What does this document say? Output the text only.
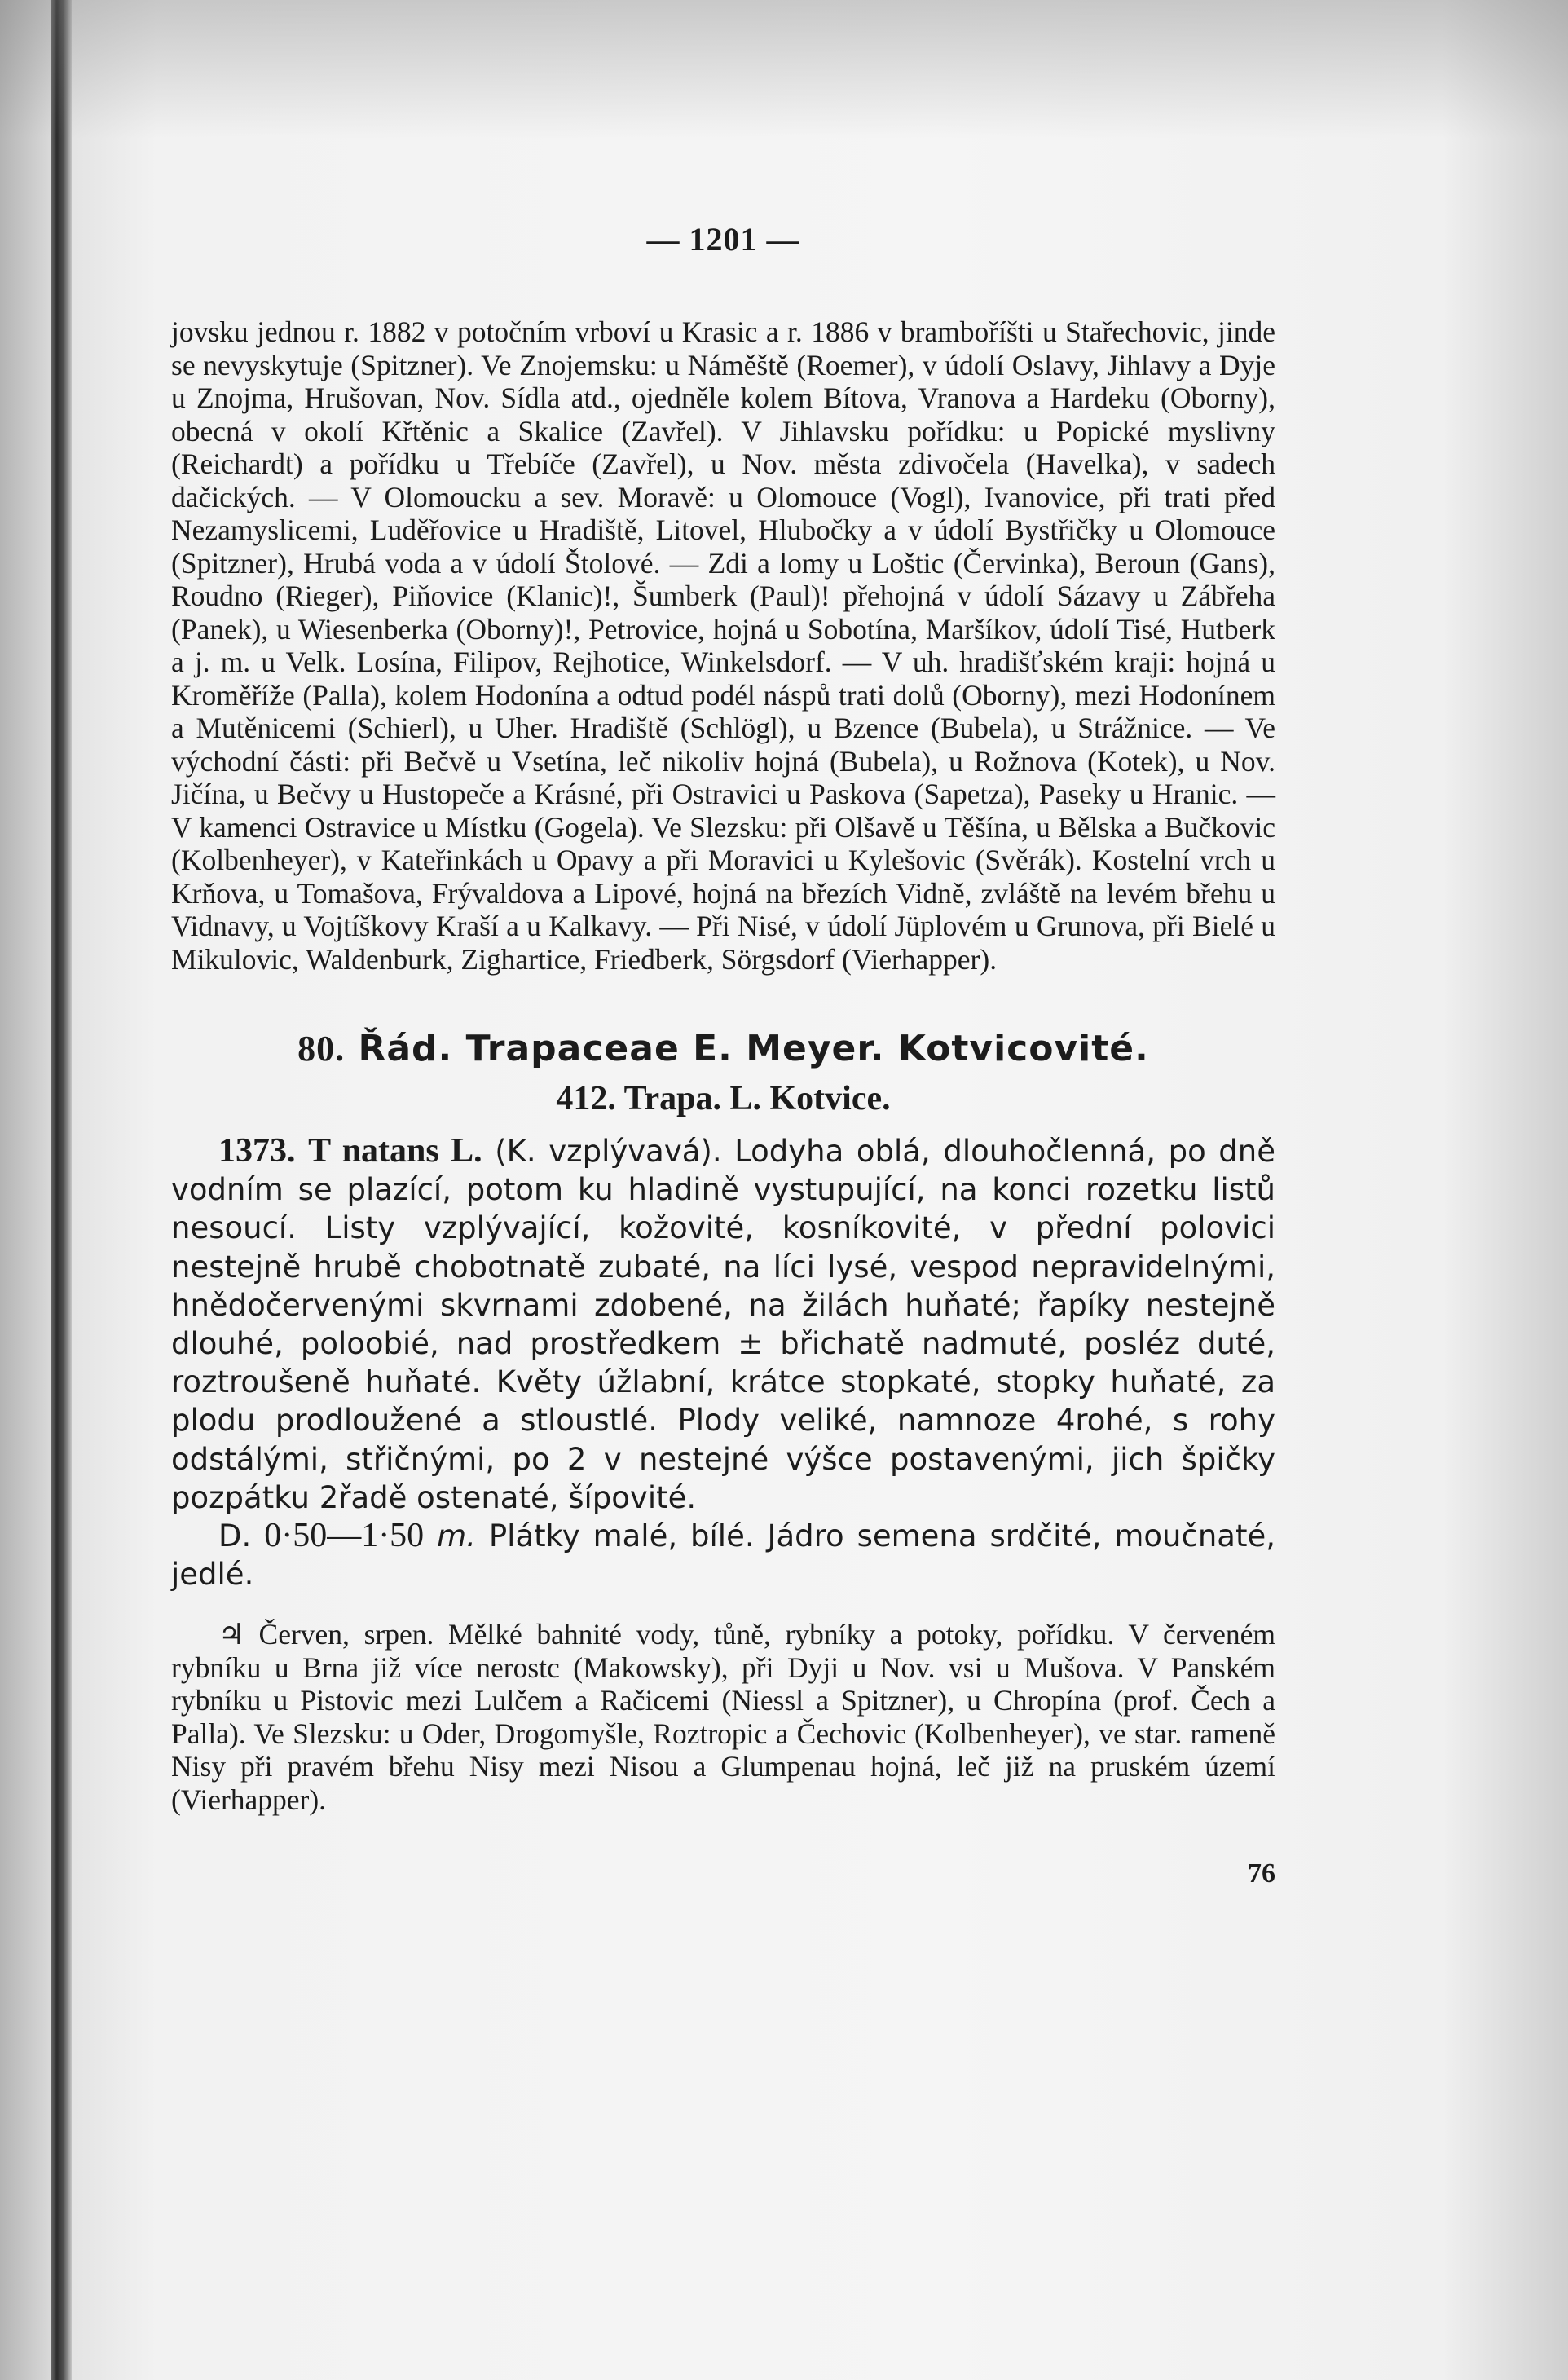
— 1201 —

jovsku jednou r. 1882 v potočním vrboví u Krasic a r. 1886 v bramboříšti u Stařechovic, jinde se nevyskytuje (Spitzner). Ve Znojemsku: u Náměště (Roemer), v údolí Oslavy, Jihlavy a Dyje u Znojma, Hrušovan, Nov. Sídla atd., ojedněle kolem Bítova, Vranova a Hardeku (Oborny), obecná v okolí Křtěnic a Skalice (Zavřel). V Jihlavsku pořídku: u Popické myslivny (Reichardt) a pořídku u Třebíče (Zavřel), u Nov. města zdivočela (Havelka), v sadech dačických. — V Olomoucku a sev. Moravě: u Olomouce (Vogl), Ivanovice, při trati před Nezamyslicemi, Luděřovice u Hradiště, Litovel, Hlubočky a v údolí Bystřičky u Olomouce (Spitzner), Hrubá voda a v údolí Štolové. — Zdi a lomy u Loštic (Červinka), Beroun (Gans), Roudno (Rieger), Piňovice (Klanic)!, Šumberk (Paul)! přehojná v údolí Sázavy u Zábřeha (Panek), u Wiesenberka (Oborny)!, Petrovice, hojná u Sobotína, Maršíkov, údolí Tisé, Hutberk a j. m. u Velk. Losína, Filipov, Rejhotice, Winkelsdorf. — V uh. hradišťském kraji: hojná u Kroměříže (Palla), kolem Hodonína a odtud podél náspů trati dolů (Oborny), mezi Hodonínem a Mutěnicemi (Schierl), u Uher. Hradiště (Schlögl), u Bzence (Bubela), u Strážnice. — Ve východní části: při Bečvě u Vsetína, leč nikoliv hojná (Bubela), u Rožnova (Kotek), u Nov. Jičína, u Bečvy u Hustopeče a Krásné, při Ostravici u Paskova (Sapetza), Paseky u Hranic. — V kamenci Ostravice u Místku (Gogela). Ve Slezsku: při Olšavě u Těšína, u Bělska a Bučkovic (Kolbenheyer), v Kateřinkách u Opavy a při Moravici u Kylešovic (Svěrák). Kostelní vrch u Krňova, u Tomašova, Frývaldova a Lipové, hojná na březích Vidně, zvláště na levém břehu u Vidnavy, u Vojtíškovy Kraší a u Kalkavy. — Při Nisé, v údolí Jüplovém u Grunova, při Bielé u Mikulovic, Waldenburk, Zighartice, Friedberk, Sörgsdorf (Vierhapper).

80. Řád. Trapaceae E. Meyer. Kotvicovité.
412. Trapa. L. Kotvice.

1373. T natans L. (K. vzplývavá). Lodyha oblá, dlouhočlenná, po dně vodním se plazící, potom ku hladině vystupující, na konci rozetku listů nesoucí. Listy vzplývající, kožovité, kosníkovité, v přední polovici nestejně hrubě chobotnatě zubaté, na líci lysé, vespod nepravidelnými, hnědočervenými skvrnami zdobené, na žilách huňaté; řapíky nestejně dlouhé, poloobié, nad prostředkem ± břichatě nadmuté, posléz duté, roztroušeně huňaté. Květy úžlabní, krátce stopkaté, stopky huňaté, za plodu prodloužené a stloustlé. Plody veliké, namnoze 4rohé, s rohy odstálými, střičnými, po 2 v nestejné výšce postavenými, jich špičky pozpátku 2řadě ostenaté, šípovité.

D. 0·50—1·50 m. Plátky malé, bílé. Jádro semena srdčité, moučnaté, jedlé.

♃ Červen, srpen. Mělké bahnité vody, tůně, rybníky a potoky, pořídku. V červeném rybníku u Brna již více nerostc (Makowsky), při Dyji u Nov. vsi u Mušova. V Panském rybníku u Pistovic mezi Lulčem a Račicemi (Niessl a Spitzner), u Chropína (prof. Čech a Palla). Ve Slezsku: u Oder, Drogomyšle, Roztropic a Čechovic (Kolbenheyer), ve star. rameně Nisy při pravém břehu Nisy mezi Nisou a Glumpenau hojná, leč již na pruském území (Vierhapper).

76
